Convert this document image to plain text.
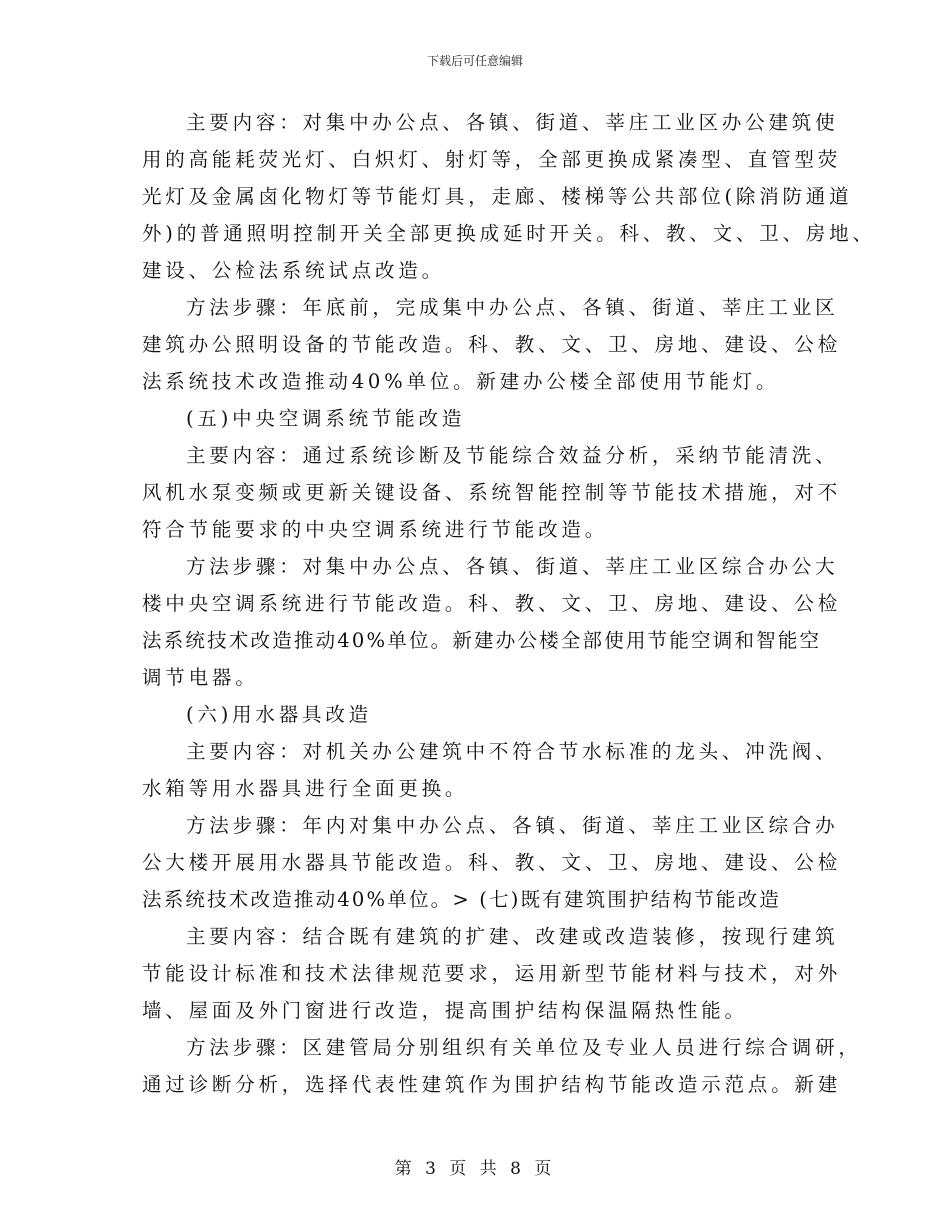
下载后可任意编辑
主要内容：对集中办公点、各镇、街道、莘庄工业区办公建筑使
用的高能耗荧光灯、白炽灯、射灯等，全部更换成紧凑型、直管型荧
光灯及金属卤化物灯等节能灯具，走廊、楼梯等公共部位(除消防通道
外)的普通照明控制开关全部更换成延时开关。科、教、文、卫、房地、
建设、公检法系统试点改造。
方法步骤：年底前，完成集中办公点、各镇、街道、莘庄工业区
建筑办公照明设备的节能改造。科、教、文、卫、房地、建设、公检
法系统技术改造推动40%单位。新建办公楼全部使用节能灯。
(五)中央空调系统节能改造
主要内容：通过系统诊断及节能综合效益分析，采纳节能清洗、
风机水泵变频或更新关键设备、系统智能控制等节能技术措施，对不
符合节能要求的中央空调系统进行节能改造。
方法步骤：对集中办公点、各镇、街道、莘庄工业区综合办公大
楼中央空调系统进行节能改造。科、教、文、卫、房地、建设、公检
法系统技术改造推动40%单位。新建办公楼全部使用节能空调和智能空
调节电器。
(六)用水器具改造
主要内容：对机关办公建筑中不符合节水标准的龙头、冲洗阀、
水箱等用水器具进行全面更换。
方法步骤：年内对集中办公点、各镇、街道、莘庄工业区综合办
公大楼开展用水器具节能改造。科、教、文、卫、房地、建设、公检
法系统技术改造推动40%单位。> (七)既有建筑围护结构节能改造
主要内容：结合既有建筑的扩建、改建或改造装修，按现行建筑
节能设计标准和技术法律规范要求，运用新型节能材料与技术，对外
墙、屋面及外门窗进行改造，提高围护结构保温隔热性能。
方法步骤：区建管局分别组织有关单位及专业人员进行综合调研，
通过诊断分析，选择代表性建筑作为围护结构节能改造示范点。新建
第 3 页 共 8 页
